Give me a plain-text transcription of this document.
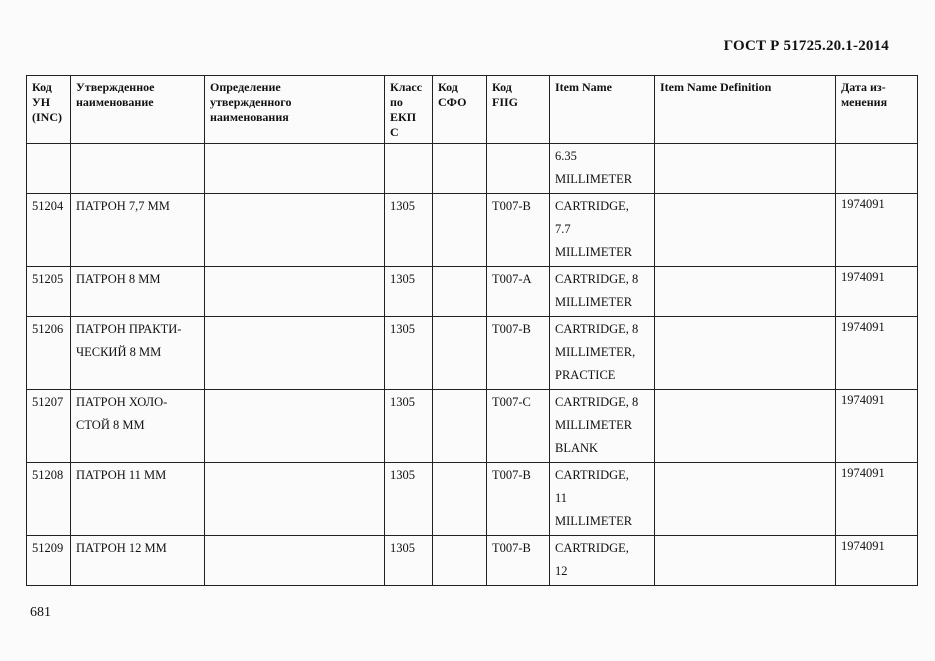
ГОСТ Р 51725.20.1-2014
Код
УН
(INC)	Утвержденное
наименование	Определение
утвержденного
наименования	Класс
по
ЕКП
С	Код
СФО	Код
FIIG	Item Name	Item Name Definition	Дата из-
менения

						6.35
MILLIMETER		

51204	ПАТРОН 7,7 ММ		1305		T007-B	CARTRIDGE,
7.7
MILLIMETER		1974091
51205	ПАТРОН 8 ММ		1305		T007-A	CARTRIDGE, 8
MILLIMETER		1974091
51206	ПАТРОН ПРАКТИ-
ЧЕСКИЙ 8 ММ		1305		T007-B	CARTRIDGE, 8
MILLIMETER,
PRACTICE		1974091
51207	ПАТРОН ХОЛО-
СТОЙ 8 ММ		1305		T007-C	CARTRIDGE, 8
MILLIMETER
BLANK		1974091
51208	ПАТРОН 11 ММ		1305		T007-B	CARTRIDGE,
11
MILLIMETER		1974091
51209	ПАТРОН 12 ММ		1305		T007-B	CARTRIDGE,
12		1974091
681
